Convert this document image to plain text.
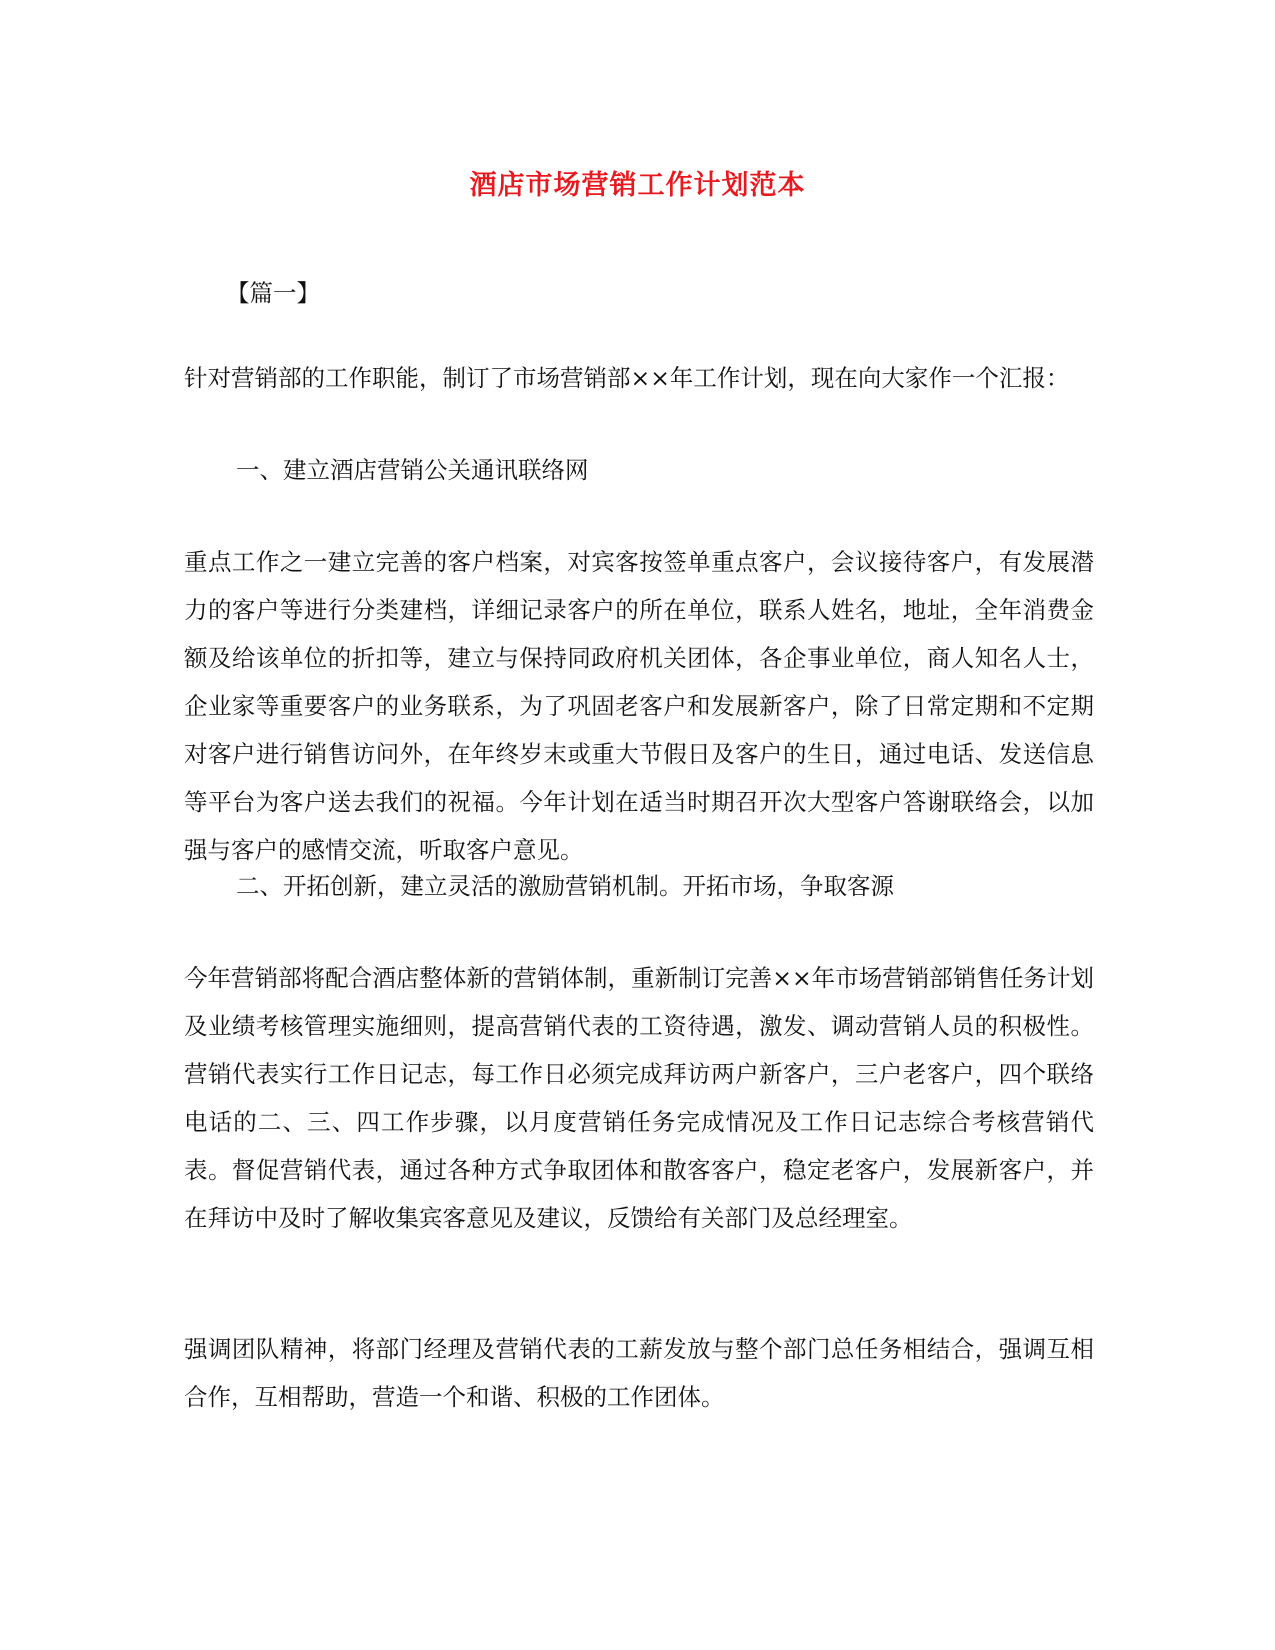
酒店市场营销工作计划范本

【篇一】

针对营销部的工作职能，制订了市场营销部××年工作计划，现在向大家作一个汇报：

一、建立酒店营销公关通讯联络网

重点工作之一建立完善的客户档案，对宾客按签单重点客户，会议接待客户，有发展潜力的客户等进行分类建档，详细记录客户的所在单位，联系人姓名，地址，全年消费金额及给该单位的折扣等，建立与保持同政府机关团体，各企事业单位，商人知名人士，企业家等重要客户的业务联系，为了巩固老客户和发展新客户，除了日常定期和不定期对客户进行销售访问外，在年终岁末或重大节假日及客户的生日，通过电话、发送信息等平台为客户送去我们的祝福。今年计划在适当时期召开次大型客户答谢联络会，以加强与客户的感情交流，听取客户意见。

二、开拓创新，建立灵活的激励营销机制。开拓市场，争取客源

今年营销部将配合酒店整体新的营销体制，重新制订完善××年市场营销部销售任务计划及业绩考核管理实施细则，提高营销代表的工资待遇，激发、调动营销人员的积极性。营销代表实行工作日记志，每工作日必须完成拜访两户新客户，三户老客户，四个联络电话的二、三、四工作步骤，以月度营销任务完成情况及工作日记志综合考核营销代表。督促营销代表，通过各种方式争取团体和散客客户，稳定老客户，发展新客户，并在拜访中及时了解收集宾客意见及建议，反馈给有关部门及总经理室。

强调团队精神，将部门经理及营销代表的工薪发放与整个部门总任务相结合，强调互相合作，互相帮助，营造一个和谐、积极的工作团体。
